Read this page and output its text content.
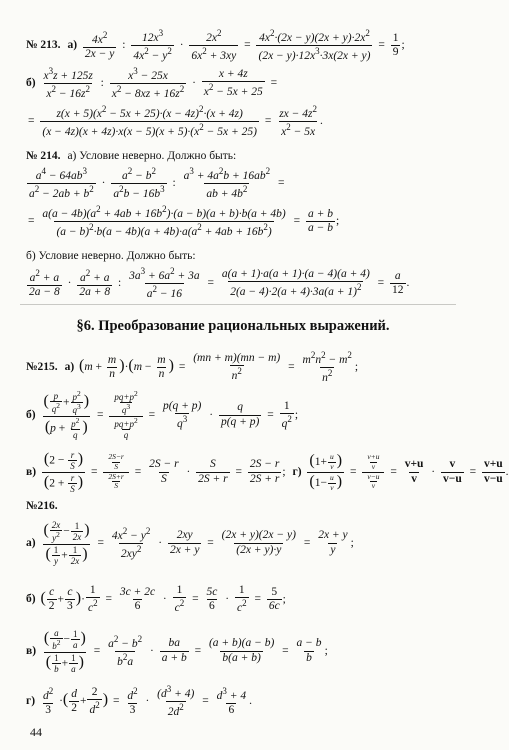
№ 213. $а) \frac{4x^2}{2x - y}$ : $\frac{12x^3}{4x^2 - y^2} \cdot \frac{2x^2}{6x^2 + 3xy} = \frac{4x^2\cdot(2x - y)(2x + y)\cdot 2x^2}{(2x - y)\cdot 12x^3\cdot 3x(2x + y)} = \frac{1}{9}$ ;
$б) \frac{x^3z + 125z}{x^2 - 16z^2}$ : $\frac{x^3 - 25x}{x^2 - 8xz + 16z^2} \cdot \frac{x + 4z}{x^2 - 5x + 25}$ =
= $\frac{z(x + 5)(x^2 - 5x + 25)\cdot(x - 4z)^2\cdot(x + 4z)}{(x - 4z)(x + 4z)\cdot x(x - 5)(x + 5)\cdot(x^2 - 5x + 25)} = \frac{zx - 4z^2}{x^2 - 5x}$ .
№ 214. а) Условие неверно. Должно быть:
$\frac{a^4 - 64ab^3}{a^2 - 2ab + b^2} \cdot \frac{a^2 - b^2}{a^2b - 16b^3}$ : $\frac{a^3 + 4a^2b + 16ab^2}{ab + 4b^2}$ =
= $\frac{a(a - 4b)(a^2 + 4ab + 16b^2)\cdot(a - b)(a + b)\cdot b(a + 4b)}{(a - b)^2\cdot b(a - 4b)(a + 4b)\cdot a(a^2 + 4ab + 16b^2)} = \frac{a + b}{a - b}$ ;
б) Условие неверно. Должно быть:
$\frac{a^2 + a}{2a - 8} \cdot \frac{a^2 + a}{2a + 8}$ : $\frac{3a^3 + 6a^2 + 3a}{a^2 - 16} = \frac{a(a + 1)\cdot a(a + 1)\cdot(a - 4)(a + 4)}{2(a - 4)\cdot 2(a + 4)\cdot 3a(a + 1)^2} = \frac{a}{12}$ .
§6. Преобразование рациональных выражений.
№215. а) $(m + \frac{m}{n} )\cdot(m - \frac{m}{n}$ ) = $\frac{(mn + m)(mn - m)}{n^2} = \frac{m^2n^2 - m^2}{n^2}$ ;
$б) \frac{( \frac{p}{q^2} + \frac{p^2}{q^3} )}{(p + \frac{p^2}{q} )} = \frac{\frac{pq+p^2}{q^3}}{\frac{pq+p^2}{q}} = \frac{p(q + p)}{q^3} \cdot \frac{q}{p(q + p)} = \frac{1}{q^2}$ ;
$в) \frac{(2 - \frac{r}{S} )}{(2 + \frac{r}{S} )} = \frac{\frac{2S-r}{S}}{\frac{2S+r}{S}} = \frac{2S - r}{S} \cdot \frac{S}{2S + r} = \frac{2S - r}{2S + r}$ ; $г) \frac{(1+ \frac{u}{v} )}{(1- \frac{u}{v} )} = \frac{\frac{v+u}{v}}{\frac{v-u}{v}} = \frac{v+u}{v} \cdot \frac{v}{v-u} = \frac{v+u}{v-u}$ .
№216.
$а) \frac{( \frac{2x}{y^2} - \frac{1}{2x} )}{( \frac{1}{y} + \frac{1}{2x} )} = \frac{4x^2 - y^2}{2xy^2} \cdot \frac{2xy}{2x + y} = \frac{(2x + y)(2x - y)}{(2x + y)\cdot y} = \frac{2x + y}{y}$ ;
б) ( $\frac{c}{2} + \frac{c}{3}$ )· $\frac{1}{c^2} = \frac{3c + 2c}{6} \cdot \frac{1}{c^2} = \frac{5c}{6} \cdot \frac{1}{c^2} = \frac{5}{6c}$ ;
$в) \frac{( \frac{a}{b^2} - \frac{1}{a} )}{( \frac{1}{b} + \frac{1}{a} )} = \frac{a^2 - b^2}{b^2a} \cdot \frac{ba}{a + b} = \frac{(a + b)(a - b)}{b(a + b)} = \frac{a - b}{b}$ ;
$г) \frac{d^2}{3}$ ·( $\frac{d}{2} + \frac{2}{d^2}$ ) = $\frac{d^2}{3} \cdot \frac{(d^3 + 4)}{2d^2} = \frac{d^3 + 4}{6}$ .
44
